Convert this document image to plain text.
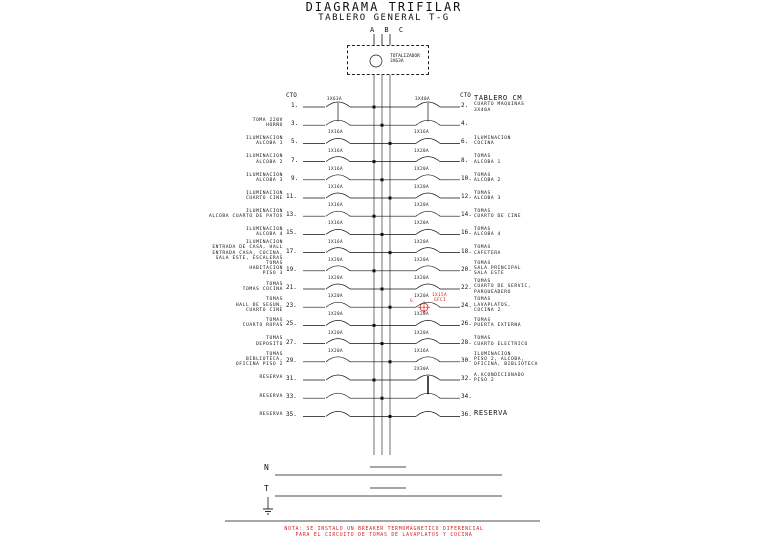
DIAGRAMA TRIFILAR
TABLERO GENERAL T-G
A B C
TOTALIZADOR
3X63A
CTO	CTO
3X63A	3X40A
1.	2.
TABLERO CM
CUARTO MAQUINAS
3X40A
3.
TOMA 220V
HORNO	4.
5.
1X16A
ILUMINACION
ALCOBA 1	6.
1X16A
ILUMINACION
COCINA
7.
1X16A
ILUMINACION
ALCOBA 2	8.
1X20A
TOMAS
ALCOBA 1
9.
1X16A
ILUMINACION
ALCOBA 3	10.
1X20A
TOMAS
ALCOBA 2
11.
1X16A
ILUMINACION
CUARTO CINE	12.
1X20A
TOMAS
ALCOBA 3
13.
1X16A
ILUMINACION
ALCOBA CUARTO DE PATOS	14.
1X20A
TOMAS
CUARTO DE CINE
15.
1X16A
ILUMINACION
ALCOBA 4	16.
1X20A
TOMAS
ALCOBA 4
17.
1X16A
ILUMINACION
ENTRADA DE CASA, HALL
ENTRADA CASA, COCINA,
SALA ESTE, ESCALERAS
18.
1X20A
TOMAS
CAFETERA
19.
1X20A
TOMAS
HABITACION
PISO 3
20.
1X20A
TOMAS
SALA PRINCIPAL
SALA ESTE
21.
1X20A
TOMAS
TOMAS COCINA	22.
1X20A
TOMAS
CUARTO DE SERVIC,
PARQUEADERO
23.
1X20A
TOMAS
HALL DE SEGUN,
CUARTO CINE
24.
1X20A
TOMAS
LAVAPLATOS,
COCINA 2
25.
1X20A
TOMAS
CUARTO ROPAS	26.
1X20A
TOMAS
PUERTA EXTERNA
27.
1X20A
TOMAS
DEPOSITO	28.
1X20A
TOMAS
CUARTO ELECTRICO
29.
1X20A
TOMAS
BIBLIOTECA,
OFICINA PISO 2
30.
1X16A
ILUMINACION
PISO 2, ALCOBA,
OFICINA, BIBLIOTECA
31.
RESERVA	32.
2X30A
A.ACONDICIONADO
PISO 2
33.
RESERVA	34.
35.
RESERVA	36. RESERVA
1X15A
GFCI
G
N
T
NOTA: SE INSTALO UN BREAKER TERMOMAGNETICO DIFERENCIAL
PARA EL CIRCUITO DE TOMAS DE LAVAPLATOS Y COCINA
